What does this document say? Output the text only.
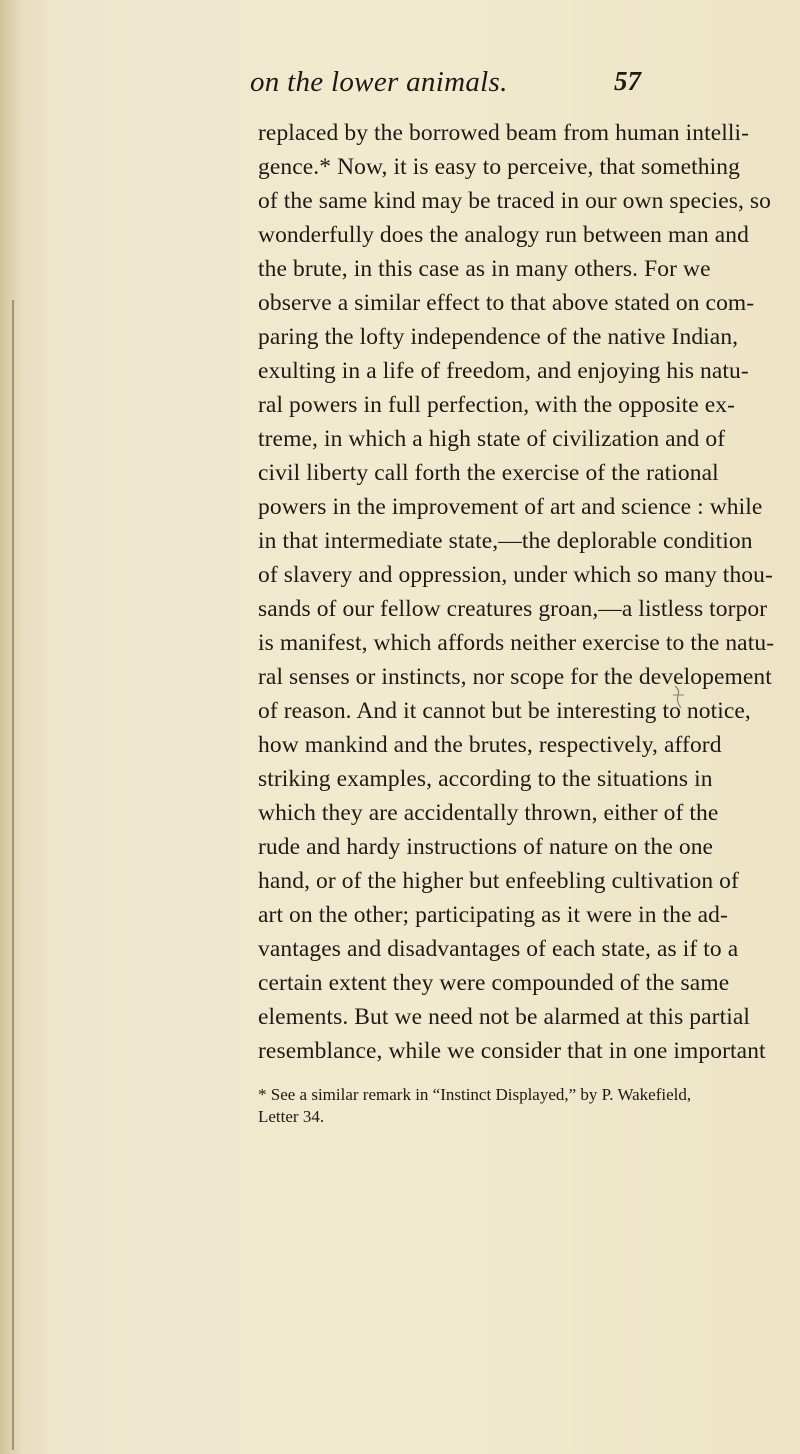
on the lower animals.	57
replaced by the borrowed beam from human intelli-
gence.* Now, it is easy to perceive, that something
of the same kind may be traced in our own species, so
wonderfully does the analogy run between man and
the brute, in this case as in many others. For we
observe a similar effect to that above stated on com-
paring the lofty independence of the native Indian,
exulting in a life of freedom, and enjoying his natu-
ral powers in full perfection, with the opposite ex-
treme, in which a high state of civilization and of
civil liberty call forth the exercise of the rational
powers in the improvement of art and science : while
in that intermediate state,—the deplorable condition
of slavery and oppression, under which so many thou-
sands of our fellow creatures groan,—a listless torpor
is manifest, which affords neither exercise to the natu-
ral senses or instincts, nor scope for the developement
of reason. And it cannot but be interesting to notice,
how mankind and the brutes, respectively, afford
striking examples, according to the situations in
which they are accidentally thrown, either of the
rude and hardy instructions of nature on the one
hand, or of the higher but enfeebling cultivation of
art on the other; participating as it were in the ad-
vantages and disadvantages of each state, as if to a
certain extent they were compounded of the same
elements. But we need not be alarmed at this partial
resemblance, while we consider that in one important
* See a similar remark in “Instinct Displayed,” by P. Wakefield,
Letter 34.
